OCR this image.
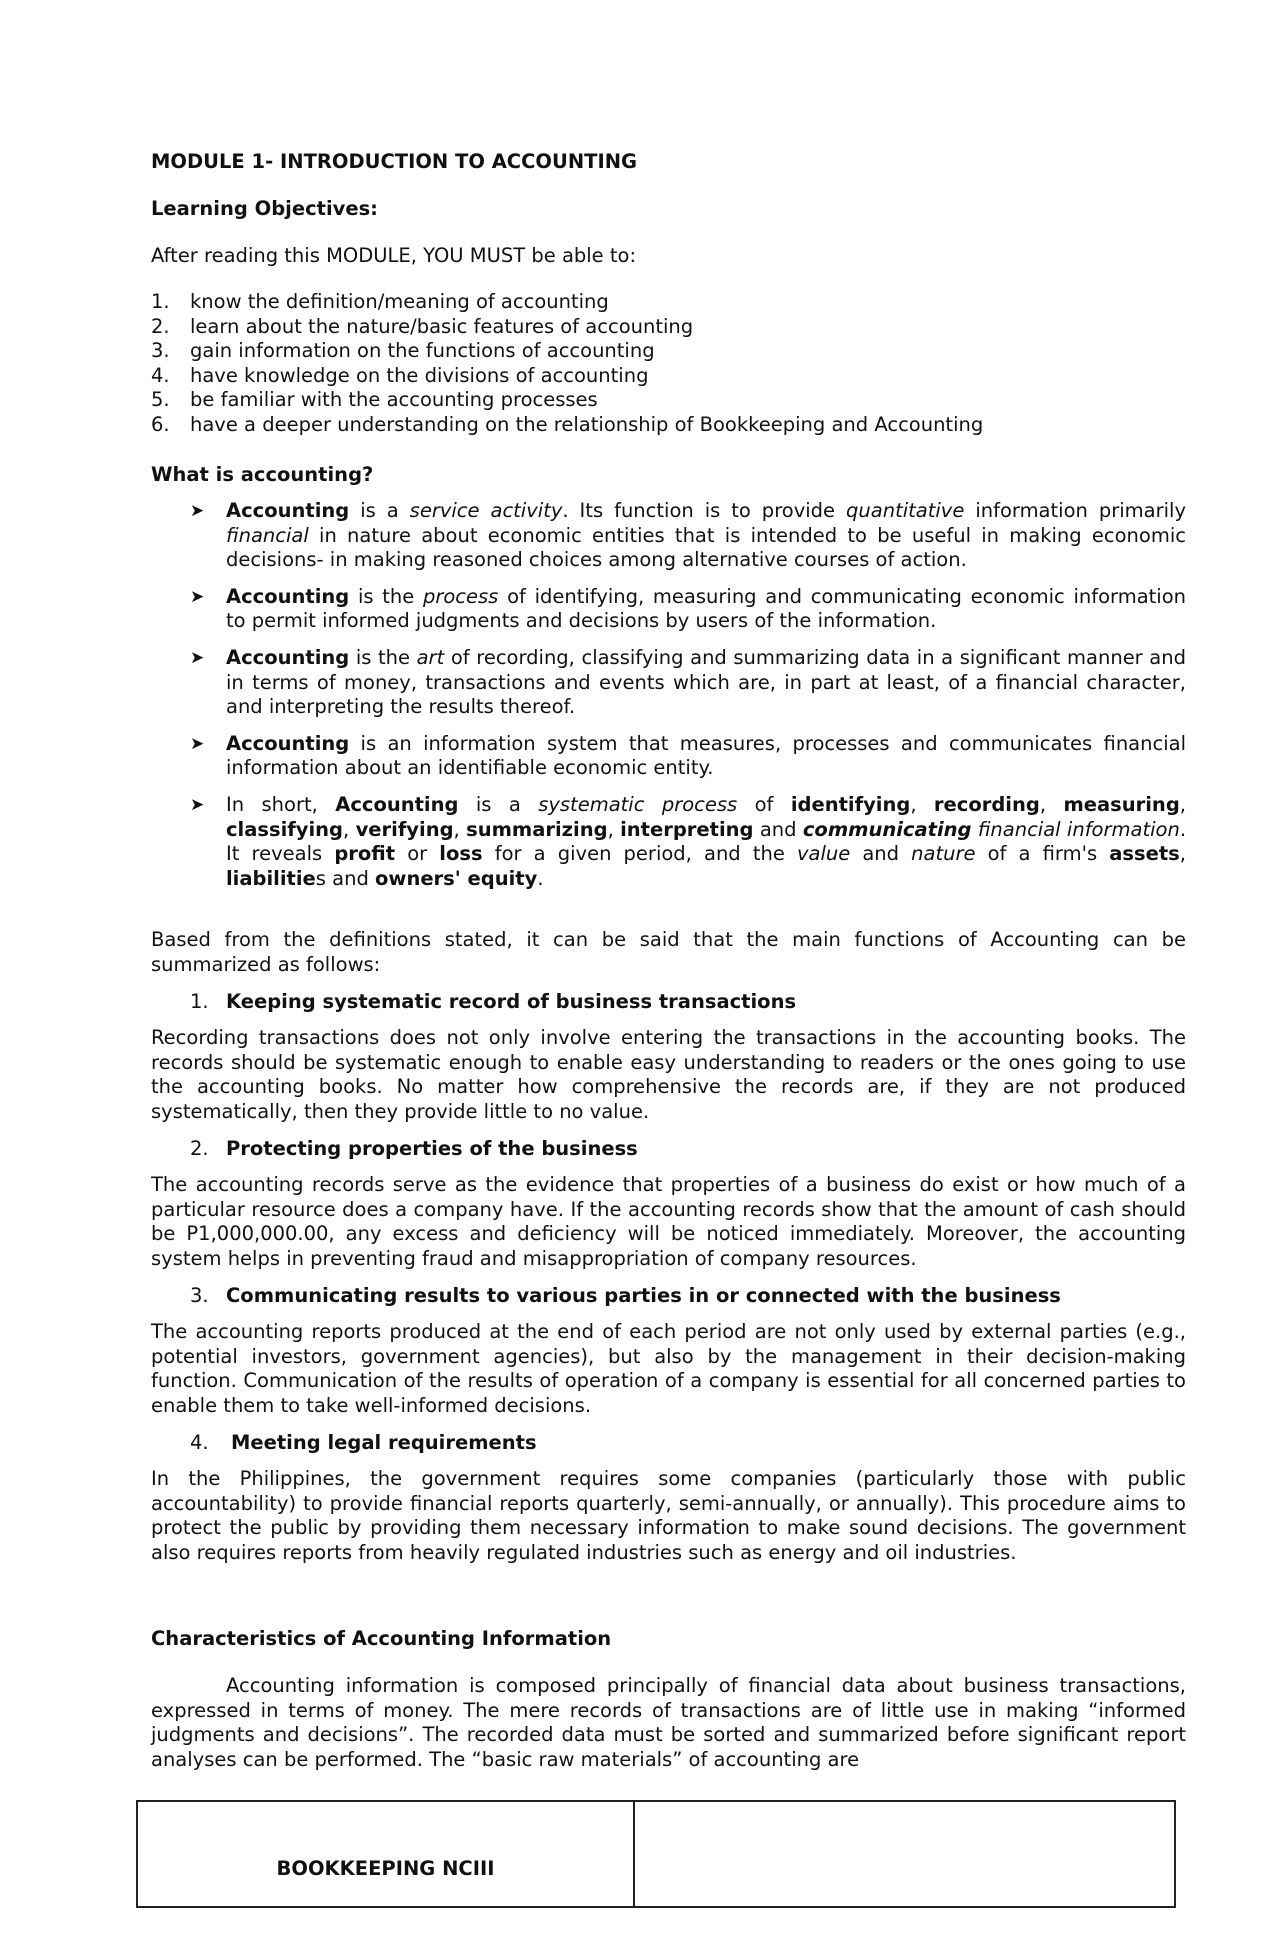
MODULE 1- INTRODUCTION TO ACCOUNTING
Learning Objectives:
After reading this MODULE, YOU MUST be able to:
1. know the definition/meaning of accounting
2. learn about the nature/basic features of accounting
3. gain information on the functions of accounting
4. have knowledge on the divisions of accounting
5. be familiar with the accounting processes
6. have a deeper understanding on the relationship of Bookkeeping and Accounting
What is accounting?

➤ Accounting is a service activity. Its function is to provide quantitative information primarily financial in nature about economic entities that is intended to be useful in making economic decisions- in making reasoned choices among alternative courses of action.

➤ Accounting is the process of identifying, measuring and communicating economic information to permit informed judgments and decisions by users of the information.

➤ Accounting is the art of recording, classifying and summarizing data in a significant manner and in terms of money, transactions and events which are, in part at least, of a financial character, and interpreting the results thereof.

➤ Accounting is an information system that measures, processes and communicates financial information about an identifiable economic entity.

➤ In short, Accounting is a systematic process of identifying, recording, measuring, classifying, verifying, summarizing, interpreting and communicating financial information. It reveals profit or loss for a given period, and the value and nature of a firm's assets, liabilities and owners' equity.

Based from the definitions stated, it can be said that the main functions of Accounting can be summarized as follows:
1. Keeping systematic record of business transactions
Recording transactions does not only involve entering the transactions in the accounting books. The records should be systematic enough to enable easy understanding to readers or the ones going to use the accounting books. No matter how comprehensive the records are, if they are not produced systematically, then they provide little to no value.
2. Protecting properties of the business
The accounting records serve as the evidence that properties of a business do exist or how much of a particular resource does a company have. If the accounting records show that the amount of cash should be P1,000,000.00, any excess and deficiency will be noticed immediately. Moreover, the accounting system helps in preventing fraud and misappropriation of company resources.
3. Communicating results to various parties in or connected with the business
The accounting reports produced at the end of each period are not only used by external parties (e.g., potential investors, government agencies), but also by the management in their decision-making function. Communication of the results of operation of a company is essential for all concerned parties to enable them to take well-informed decisions.
4. Meeting legal requirements
In the Philippines, the government requires some companies (particularly those with public accountability) to provide financial reports quarterly, semi-annually, or annually). This procedure aims to protect the public by providing them necessary information to make sound decisions. The government also requires reports from heavily regulated industries such as energy and oil industries.
Characteristics of Accounting Information
Accounting information is composed principally of financial data about business transactions, expressed in terms of money. The mere records of transactions are of little use in making “informed judgments and decisions”. The recorded data must be sorted and summarized before significant report analyses can be performed. The “basic raw materials” of accounting are
BOOKKEEPING NCIII
